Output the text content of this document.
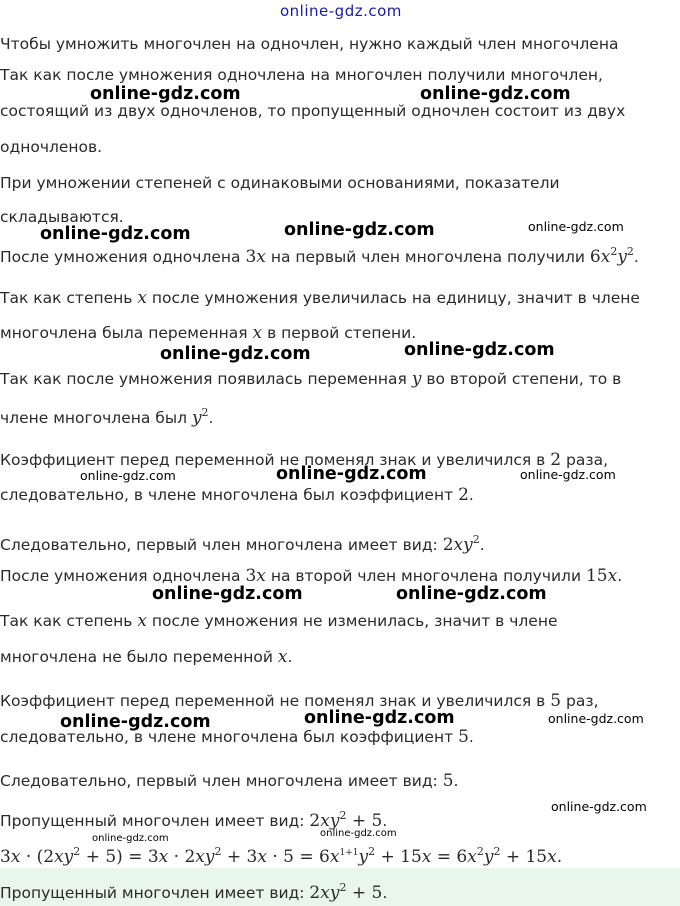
online-gdz.com
online-gdz.com	online-gdz.com
online-gdz.com	online-gdz.com	online-gdz.com
online-gdz.com	online-gdz.com
online-gdz.com	online-gdz.com	online-gdz.com
online-gdz.com	online-gdz.com
online-gdz.com	online-gdz.com	online-gdz.com
online-gdz.com
online-gdz.com	online-gdz.com
Чтобы умножить многочлен на одночлен, нужно каждый член многочлена
Так как после умножения одночлена на многочлен получили многочлен,
состоящий из двух одночленов, то пропущенный одночлен состоит из двух
одночленов.
При умножении степеней с одинаковыми основаниями, показатели
складываются.
После умножения одночлена 3x на первый член многочлена получили $6x^2y^2$.
Так как степень x после умножения увеличилась на единицу, значит в члене
многочлена была переменная x в первой степени.
Так как после умножения появилась переменная y во второй степени, то в
члене многочлена был $y^2$.
Коэффициент перед переменной не поменял знак и увеличился в 2 раза,
следовательно, в члене многочлена был коэффициент 2.
Следовательно, первый член многочлена имеет вид: $2xy^2$.
После умножения одночлена 3x на второй член многочлена получили 15x.
Так как степень x после умножения не изменилась, значит в члене
многочлена не было переменной x.
Коэффициент перед переменной не поменял знак и увеличился в 5 раз,
следовательно, в члене многочлена был коэффициент 5.
Следовательно, первый член многочлена имеет вид: 5.
Пропущенный многочлен имеет вид: $2xy^2 + 5$.
$3x \cdot (2xy^2 + 5) = 3x \cdot 2xy^2 + 3x \cdot 5 = 6x^{1+1}y^2 + 15x = 6x^2y^2 + 15x$.
Пропущенный многочлен имеет вид: $2xy^2 + 5$.
